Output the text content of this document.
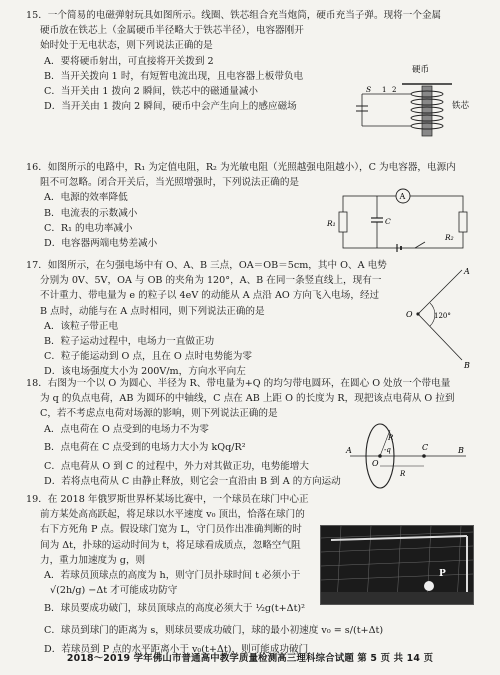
15．一个简易的电磁弹射玩具如图所示。线圈、铁芯组合充当炮筒，硬币充当子弹。现将一个金属
硬币放在铁芯上（金属硬币半径略大于铁芯半径），电容器刚开
始时处于无电状态，则下列说法正确的是
A．要将硬币射出，可直接将开关拨到 2
B．当开关拨向 1 时，有短暂电流出现，且电容器上板带负电
C．当开关由 1 拨向 2 瞬间，铁芯中的磁通量减小
D．当开关由 1 拨向 2 瞬间，硬币中会产生向上的感应磁场
硬币
铁芯
S 1 2
16．如图所示的电路中，R₁ 为定值电阻，R₂ 为光敏电阻（光照越强电阻越小），C 为电容器，电源内
阻不可忽略。闭合开关后，当光照增强时，下列说法正确的是
A．电源的效率降低
B．电流表的示数减小
C．R₁ 的电功率减小
D．电容器两端电势差减小
A
R₁	C
R₂
17．如图所示，在匀强电场中有 O、A、B 三点，OA＝OB＝5cm，其中 O、A 电势
分别为 0V、5V，OA 与 OB 的夹角为 120°，A、B 在同一条竖直线上，现有一
不计重力、带电量为 e 的粒子以 4eV 的动能从 A 点沿 AO 方向飞入电场，经过
B 点时，动能与在 A 点时相同，则下列说法正确的是
A．该粒子带正电
B．粒子运动过程中，电场力一直做正功
C．粒子能运动到 O 点，且在 O 点时电势能为零
D．该电场强度大小为 200V/m，方向水平向左
A
B
O	120°
18．右图为一个以 O 为圆心、半径为 R、带电量为+Q 的均匀带电圆环，在圆心 O 处放一个带电量
为 q 的负点电荷，AB 为圆环的中轴线，C 点在 AB 上距 O 的长度为 R，现把该点电荷从 O 拉到
C，若不考虑点电荷对场源的影响，则下列说法正确的是
A．点电荷在 O 点受到的电场力不为零
B．点电荷在 C 点受到的电场力大小为 kQq/R²
C．点电荷从 O 到 C 的过程中，外力对其做正功，电势能增大
D．若将点电荷从 C 由静止释放，则它会一直沿由 B 到 A 的方向运动
A
O
-q	C	B
R
R
19．在 2018 年俄罗斯世界杯某场比赛中，一个球员在球门中心正
前方某处高高跃起，将足球以水平速度 v₀ 顶出，恰落在球门的
右下方死角 P 点。假设球门宽为 L，守门员作出准确判断的时
间为 Δt，扑球的运动时间为 t，将足球看成质点，忽略空气阻
力，重力加速度为 g，则
A．若球员顶球点的高度为 h，则守门员扑球时间 t 必须小于
√(2h/g) −Δt 才可能成功防守
B．球员要成功破门，球员顶球点的高度必须大于 ½g(t+Δt)²
C．球员到球门的距离为 s，则球员要成功破门，球的最小初速度 v₀ = s/(t+Δt)
D．若球员到 P 点的水平距离小于 v₀(t+Δt)，则可能成功破门
P
2018～2019 学年佛山市普通高中教学质量检测高三理科综合试题 第 5 页 共 14 页
